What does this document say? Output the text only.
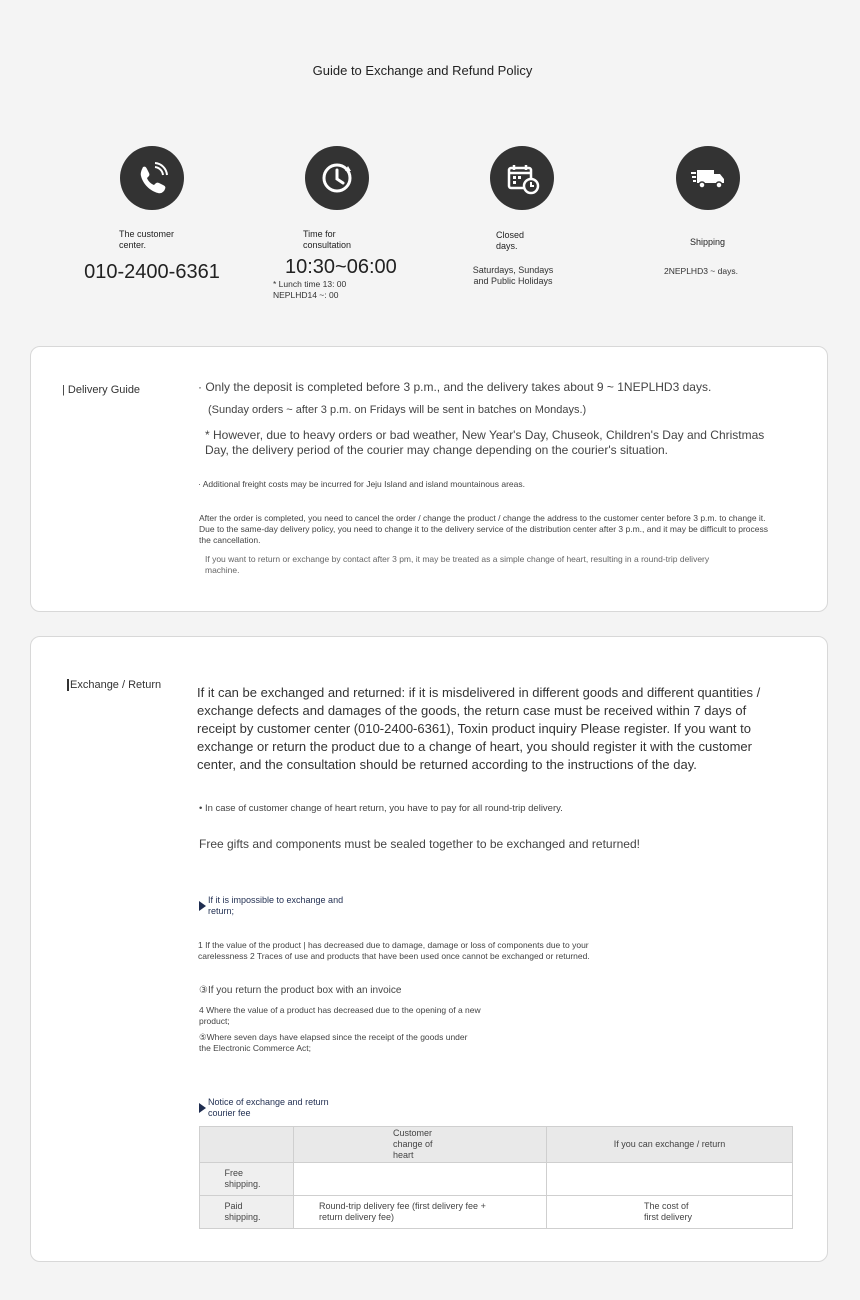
Guide to Exchange and Refund Policy
The customer center.
010-2400-6361
Time for consultation
10:30~06:00
* Lunch time 13: 00
NEPLHD14 ~: 00
Closed days.
Saturdays, Sundays
and Public Holidays
Shipping
2NEPLHD3 ~ days.
| Delivery Guide	· Only the deposit is completed before 3 p.m., and the delivery takes about 9 ~ 1NEPLHD3 days.
(Sunday orders ~ after 3 p.m. on Fridays will be sent in batches on Mondays.)
* However, due to heavy orders or bad weather, New Year's Day, Chuseok, Children's Day and Christmas Day, the delivery period of the courier may change depending on the courier's situation.
· Additional freight costs may be incurred for Jeju Island and island mountainous areas.
After the order is completed, you need to cancel the order / change the product / change the address to the customer center before 3 p.m. to change it. Due to the same-day delivery policy, you need to change it to the delivery service of the distribution center after 3 p.m., and it may be difficult to process the cancellation.
If you want to return or exchange by contact after 3 pm, it may be treated as a simple change of heart, resulting in a round-trip delivery machine.
Exchange / Return	If it can be exchanged and returned: if it is misdelivered in different goods and different quantities / exchange defects and damages of the goods, the return case must be received within 7 days of receipt by customer center (010-2400-6361), Toxin product inquiry Please register. If you want to exchange or return the product due to a change of heart, you should register it with the customer center, and the consultation should be returned according to the instructions of the day.
• In case of customer change of heart return, you have to pay for all round-trip delivery.
Free gifts and components must be sealed together to be exchanged and returned!
If it is impossible to exchange and return;
1 If the value of the product | has decreased due to damage, damage or loss of components due to your carelessness 2 Traces of use and products that have been used once cannot be exchanged or returned.
③If you return the product box with an invoice
4 Where the value of a product has decreased due to the opening of a new product;
⑤Where seven days have elapsed since the receipt of the goods under the Electronic Commerce Act;
Notice of exchange and return courier fee

	Customer change of heart	If you can exchange / return

Free shipping.		

Paid shipping.	Round-trip delivery fee (first delivery fee + return delivery fee)	The cost of first delivery
